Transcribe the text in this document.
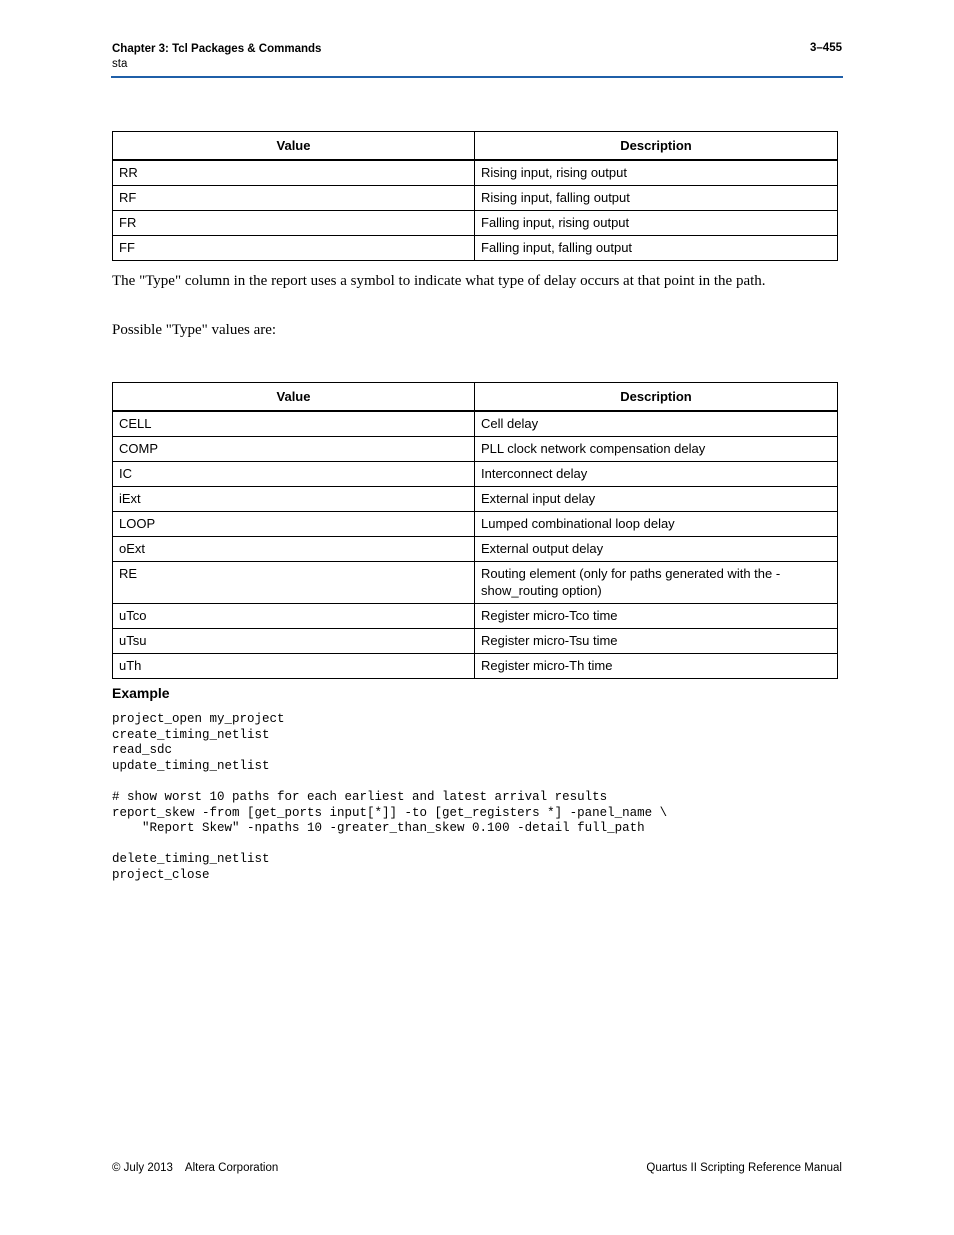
Chapter 3: Tcl Packages & Commands
sta
3–455
Value	Description
RR	Rising input, rising output
RF	Rising input, falling output
FR	Falling input, rising output
FF	Falling input, falling output

The "Type" column in the report uses a symbol to indicate what type of delay occurs at that point in the path.

Possible "Type" values are:

Value	Description
CELL	Cell delay
COMP	PLL clock network compensation delay
IC	Interconnect delay
iExt	External input delay
LOOP	Lumped combinational loop delay
oExt	External output delay
RE	Routing element (only for paths generated with the -show_routing option)
uTco	Register micro-Tco time
uTsu	Register micro-Tsu time
uTh	Register micro-Th time
Example
project_open my_project
create_timing_netlist
read_sdc
update_timing_netlist

# show worst 10 paths for each earliest and latest arrival results
report_skew -from [get_ports input[*]] -to [get_registers *] -panel_name \
"Report Skew" -npaths 10 -greater_than_skew 0.100 -detail full_path

delete_timing_netlist
project_close
© July 2013 Altera Corporation	Quartus II Scripting Reference Manual
